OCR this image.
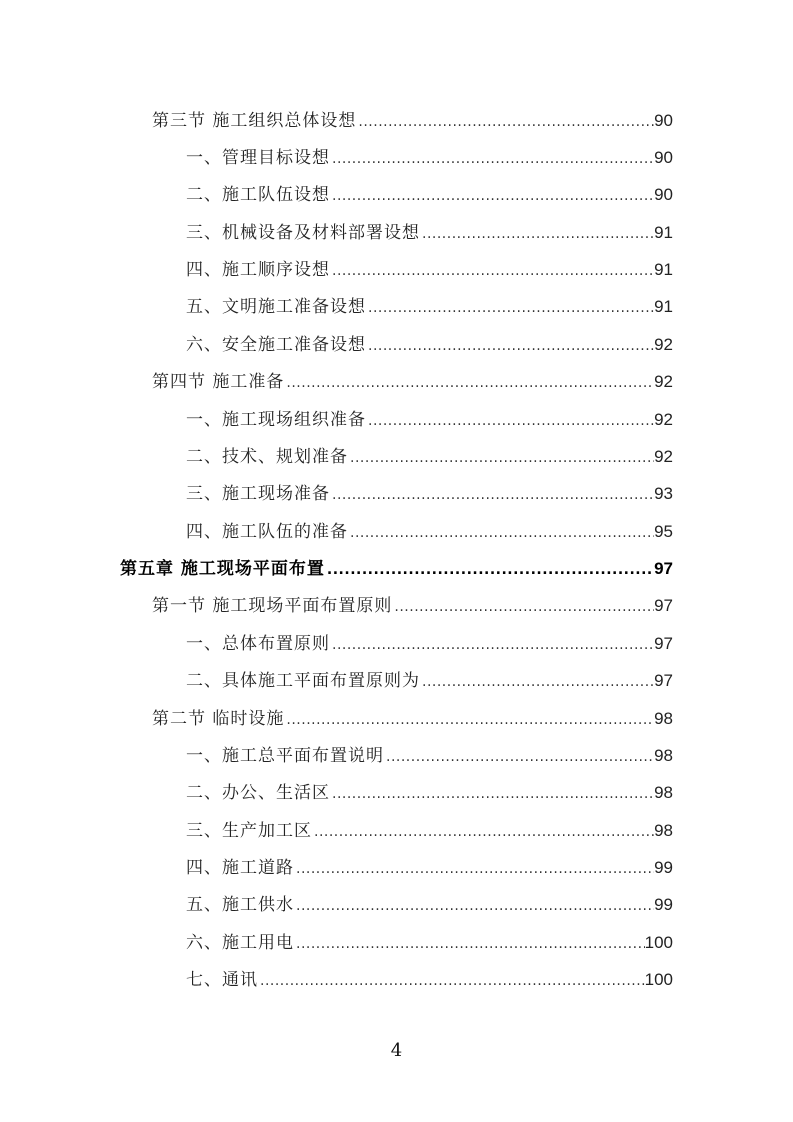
第三节 施工组织总体设想 .....	90
一、管理目标设想 .....	90
二、施工队伍设想 .....	90
三、机械设备及材料部署设想 .....	91
四、施工顺序设想 .....	91
五、文明施工准备设想 .....	91
六、安全施工准备设想 .....	92
第四节 施工准备 .....	92
一、施工现场组织准备 .....	92
二、技术、规划准备 .....	92
三、施工现场准备 .....	93
四、施工队伍的准备 .....	95
第五章 施工现场平面布置 .....	97
第一节 施工现场平面布置原则 .....	97
一、总体布置原则 .....	97
二、具体施工平面布置原则为 .....	97
第二节 临时设施 .....	98
一、施工总平面布置说明 .....	98
二、办公、生活区 .....	98
三、生产加工区 .....	98
四、施工道路 .....	99
五、施工供水 .....	99
六、施工用电 .....	100
七、通讯 .....	100
4
